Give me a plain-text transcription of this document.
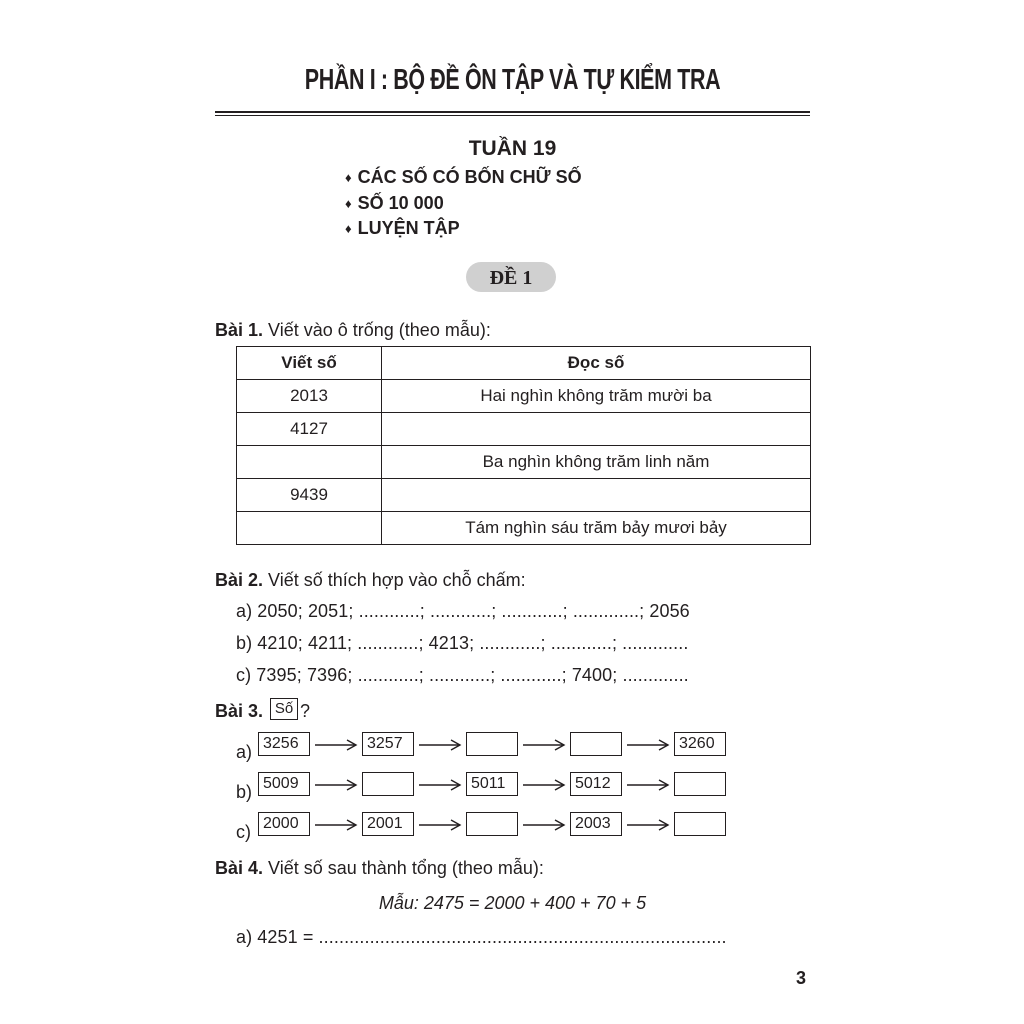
PHẦN I : BỘ ĐỀ ÔN TẬP VÀ TỰ KIỂM TRA
TUẦN 19
♦ CÁC SỐ CÓ BỐN CHỮ SỐ
♦ SỐ 10 000
♦ LUYỆN TẬP
ĐỀ 1
Bài 1. Viết vào ô trống (theo mẫu):
Viết số	Đọc số
2013	Hai nghìn không trăm mười ba
4127	
	Ba nghìn không trăm linh năm
9439	
	Tám nghìn sáu trăm bảy mươi bảy
Bài 2. Viết số thích hợp vào chỗ chấm:
a) 2050; 2051; ............; ............; ............; .............; 2056
b) 4210; 4211; ............; 4213; ............; ............; .............
c) 7395; 7396; ............; ............; ............; 7400; .............
Bài 3. Số ?
a) 3256	3257	3260
b) 5009	5011	5012
c) 2000	2001	2003
Bài 4. Viết số sau thành tổng (theo mẫu):
Mẫu: 2475 = 2000 + 400 + 70 + 5
a) 4251 = ................................................................................
3
